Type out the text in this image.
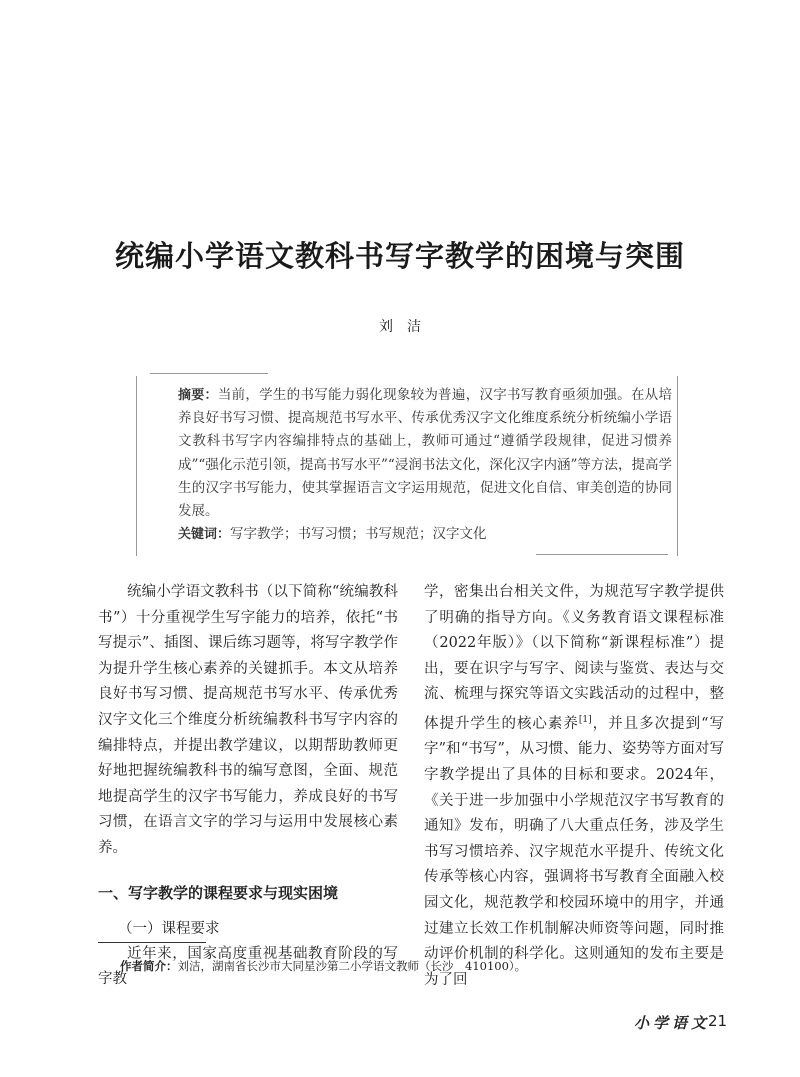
统编小学语文教科书写字教学的困境与突围
刘洁
摘要：当前，学生的书写能力弱化现象较为普遍，汉字书写教育亟须加强。在从培养良好书写习惯、提高规范书写水平、传承优秀汉字文化维度系统分析统编小学语文教科书写字内容编排特点的基础上，教师可通过“遵循学段规律，促进习惯养成”“强化示范引领，提高书写水平”“浸润书法文化，深化汉字内涵”等方法，提高学生的汉字书写能力，使其掌握语言文字运用规范，促进文化自信、审美创造的协同发展。
关键词：写字教学；书写习惯；书写规范；汉字文化

统编小学语文教科书（以下简称“统编教科书”）十分重视学生写字能力的培养，依托“书写提示”、插图、课后练习题等，将写字教学作为提升学生核心素养的关键抓手。本文从培养良好书写习惯、提高规范书写水平、传承优秀汉字文化三个维度分析统编教科书写字内容的编排特点，并提出教学建议，以期帮助教师更好地把握统编教科书的编写意图，全面、规范地提高学生的汉字书写能力，养成良好的书写习惯，在语言文字的学习与运用中发展核心素养。

一、写字教学的课程要求与现实困境
（一）课程要求

近年来，国家高度重视基础教育阶段的写字教

学，密集出台相关文件，为规范写字教学提供了明确的指导方向。《义务教育语文课程标准（2022年版）》（以下简称“新课程标准”）提出，要在识字与写字、阅读与鉴赏、表达与交流、梳理与探究等语文实践活动的过程中，整体提升学生的核心素养[1]，并且多次提到“写字”和“书写”，从习惯、能力、姿势等方面对写字教学提出了具体的目标和要求。2024年，《关于进一步加强中小学规范汉字书写教育的通知》发布，明确了八大重点任务，涉及学生书写习惯培养、汉字规范水平提升、传统文化传承等核心内容，强调将书写教育全面融入校园文化，规范教学和校园环境中的用字，并通过建立长效工作机制解决师资等问题，同时推动评价机制的科学化。这则通知的发布主要是为了回

作者简介：刘洁，湖南省长沙市大同星沙第二小学语文教师（长沙　410100）。
小学语文
21
